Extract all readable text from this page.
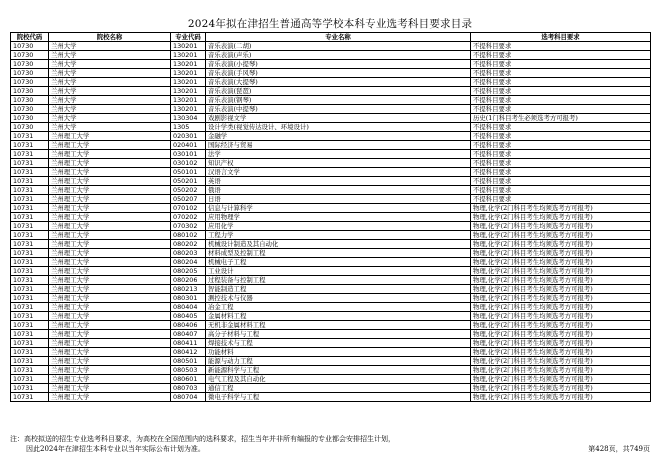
2024年拟在津招生普通高等学校本科专业选考科目要求目录
院校代码	院校名称	专业代码	专业名称	选考科目要求
10730	兰州大学	130201	音乐表演(二胡)	不提科目要求
10730	兰州大学	130201	音乐表演(声乐)	不提科目要求
10730	兰州大学	130201	音乐表演(小提琴)	不提科目要求
10730	兰州大学	130201	音乐表演(手风琴)	不提科目要求
10730	兰州大学	130201	音乐表演(大提琴)	不提科目要求
10730	兰州大学	130201	音乐表演(琵琶)	不提科目要求
10730	兰州大学	130201	音乐表演(钢琴)	不提科目要求
10730	兰州大学	130201	音乐表演(中提琴)	不提科目要求
10730	兰州大学	130304	戏剧影视文学	历史(1门科目考生必须选考方可报考)
10730	兰州大学	1305	设计学类(视觉传达设计、环境设计)	不提科目要求
10731	兰州理工大学	020301	金融学	不提科目要求
10731	兰州理工大学	020401	国际经济与贸易	不提科目要求
10731	兰州理工大学	030101	法学	不提科目要求
10731	兰州理工大学	030102	知识产权	不提科目要求
10731	兰州理工大学	050101	汉语言文学	不提科目要求
10731	兰州理工大学	050201	英语	不提科目要求
10731	兰州理工大学	050202	俄语	不提科目要求
10731	兰州理工大学	050207	日语	不提科目要求
10731	兰州理工大学	070102	信息与计算科学	物理,化学(2门科目考生均须选考方可报考)
10731	兰州理工大学	070202	应用物理学	物理,化学(2门科目考生均须选考方可报考)
10731	兰州理工大学	070302	应用化学	物理,化学(2门科目考生均须选考方可报考)
10731	兰州理工大学	080102	工程力学	物理,化学(2门科目考生均须选考方可报考)
10731	兰州理工大学	080202	机械设计制造及其自动化	物理,化学(2门科目考生均须选考方可报考)
10731	兰州理工大学	080203	材料成型及控制工程	物理,化学(2门科目考生均须选考方可报考)
10731	兰州理工大学	080204	机械电子工程	物理,化学(2门科目考生均须选考方可报考)
10731	兰州理工大学	080205	工业设计	物理,化学(2门科目考生均须选考方可报考)
10731	兰州理工大学	080206	过程装备与控制工程	物理,化学(2门科目考生均须选考方可报考)
10731	兰州理工大学	080213	智能制造工程	物理,化学(2门科目考生均须选考方可报考)
10731	兰州理工大学	080301	测控技术与仪器	物理,化学(2门科目考生均须选考方可报考)
10731	兰州理工大学	080404	冶金工程	物理,化学(2门科目考生均须选考方可报考)
10731	兰州理工大学	080405	金属材料工程	物理,化学(2门科目考生均须选考方可报考)
10731	兰州理工大学	080406	无机非金属材料工程	物理,化学(2门科目考生均须选考方可报考)
10731	兰州理工大学	080407	高分子材料与工程	物理,化学(2门科目考生均须选考方可报考)
10731	兰州理工大学	080411	焊接技术与工程	物理,化学(2门科目考生均须选考方可报考)
10731	兰州理工大学	080412	功能材料	物理,化学(2门科目考生均须选考方可报考)
10731	兰州理工大学	080501	能源与动力工程	物理,化学(2门科目考生均须选考方可报考)
10731	兰州理工大学	080503	新能源科学与工程	物理,化学(2门科目考生均须选考方可报考)
10731	兰州理工大学	080601	电气工程及其自动化	物理,化学(2门科目考生均须选考方可报考)
10731	兰州理工大学	080703	通信工程	物理,化学(2门科目考生均须选考方可报考)
10731	兰州理工大学	080704	微电子科学与工程	物理,化学(2门科目考生均须选考方可报考)
注：高校拟送的招生专业选考科目要求，为高校在全国范围内的选科要求，招生当年并非所有编报的专业都会安排招生计划，
因此2024年在津招生本科专业以当年实际公布计划为准。	第428页，共749页
